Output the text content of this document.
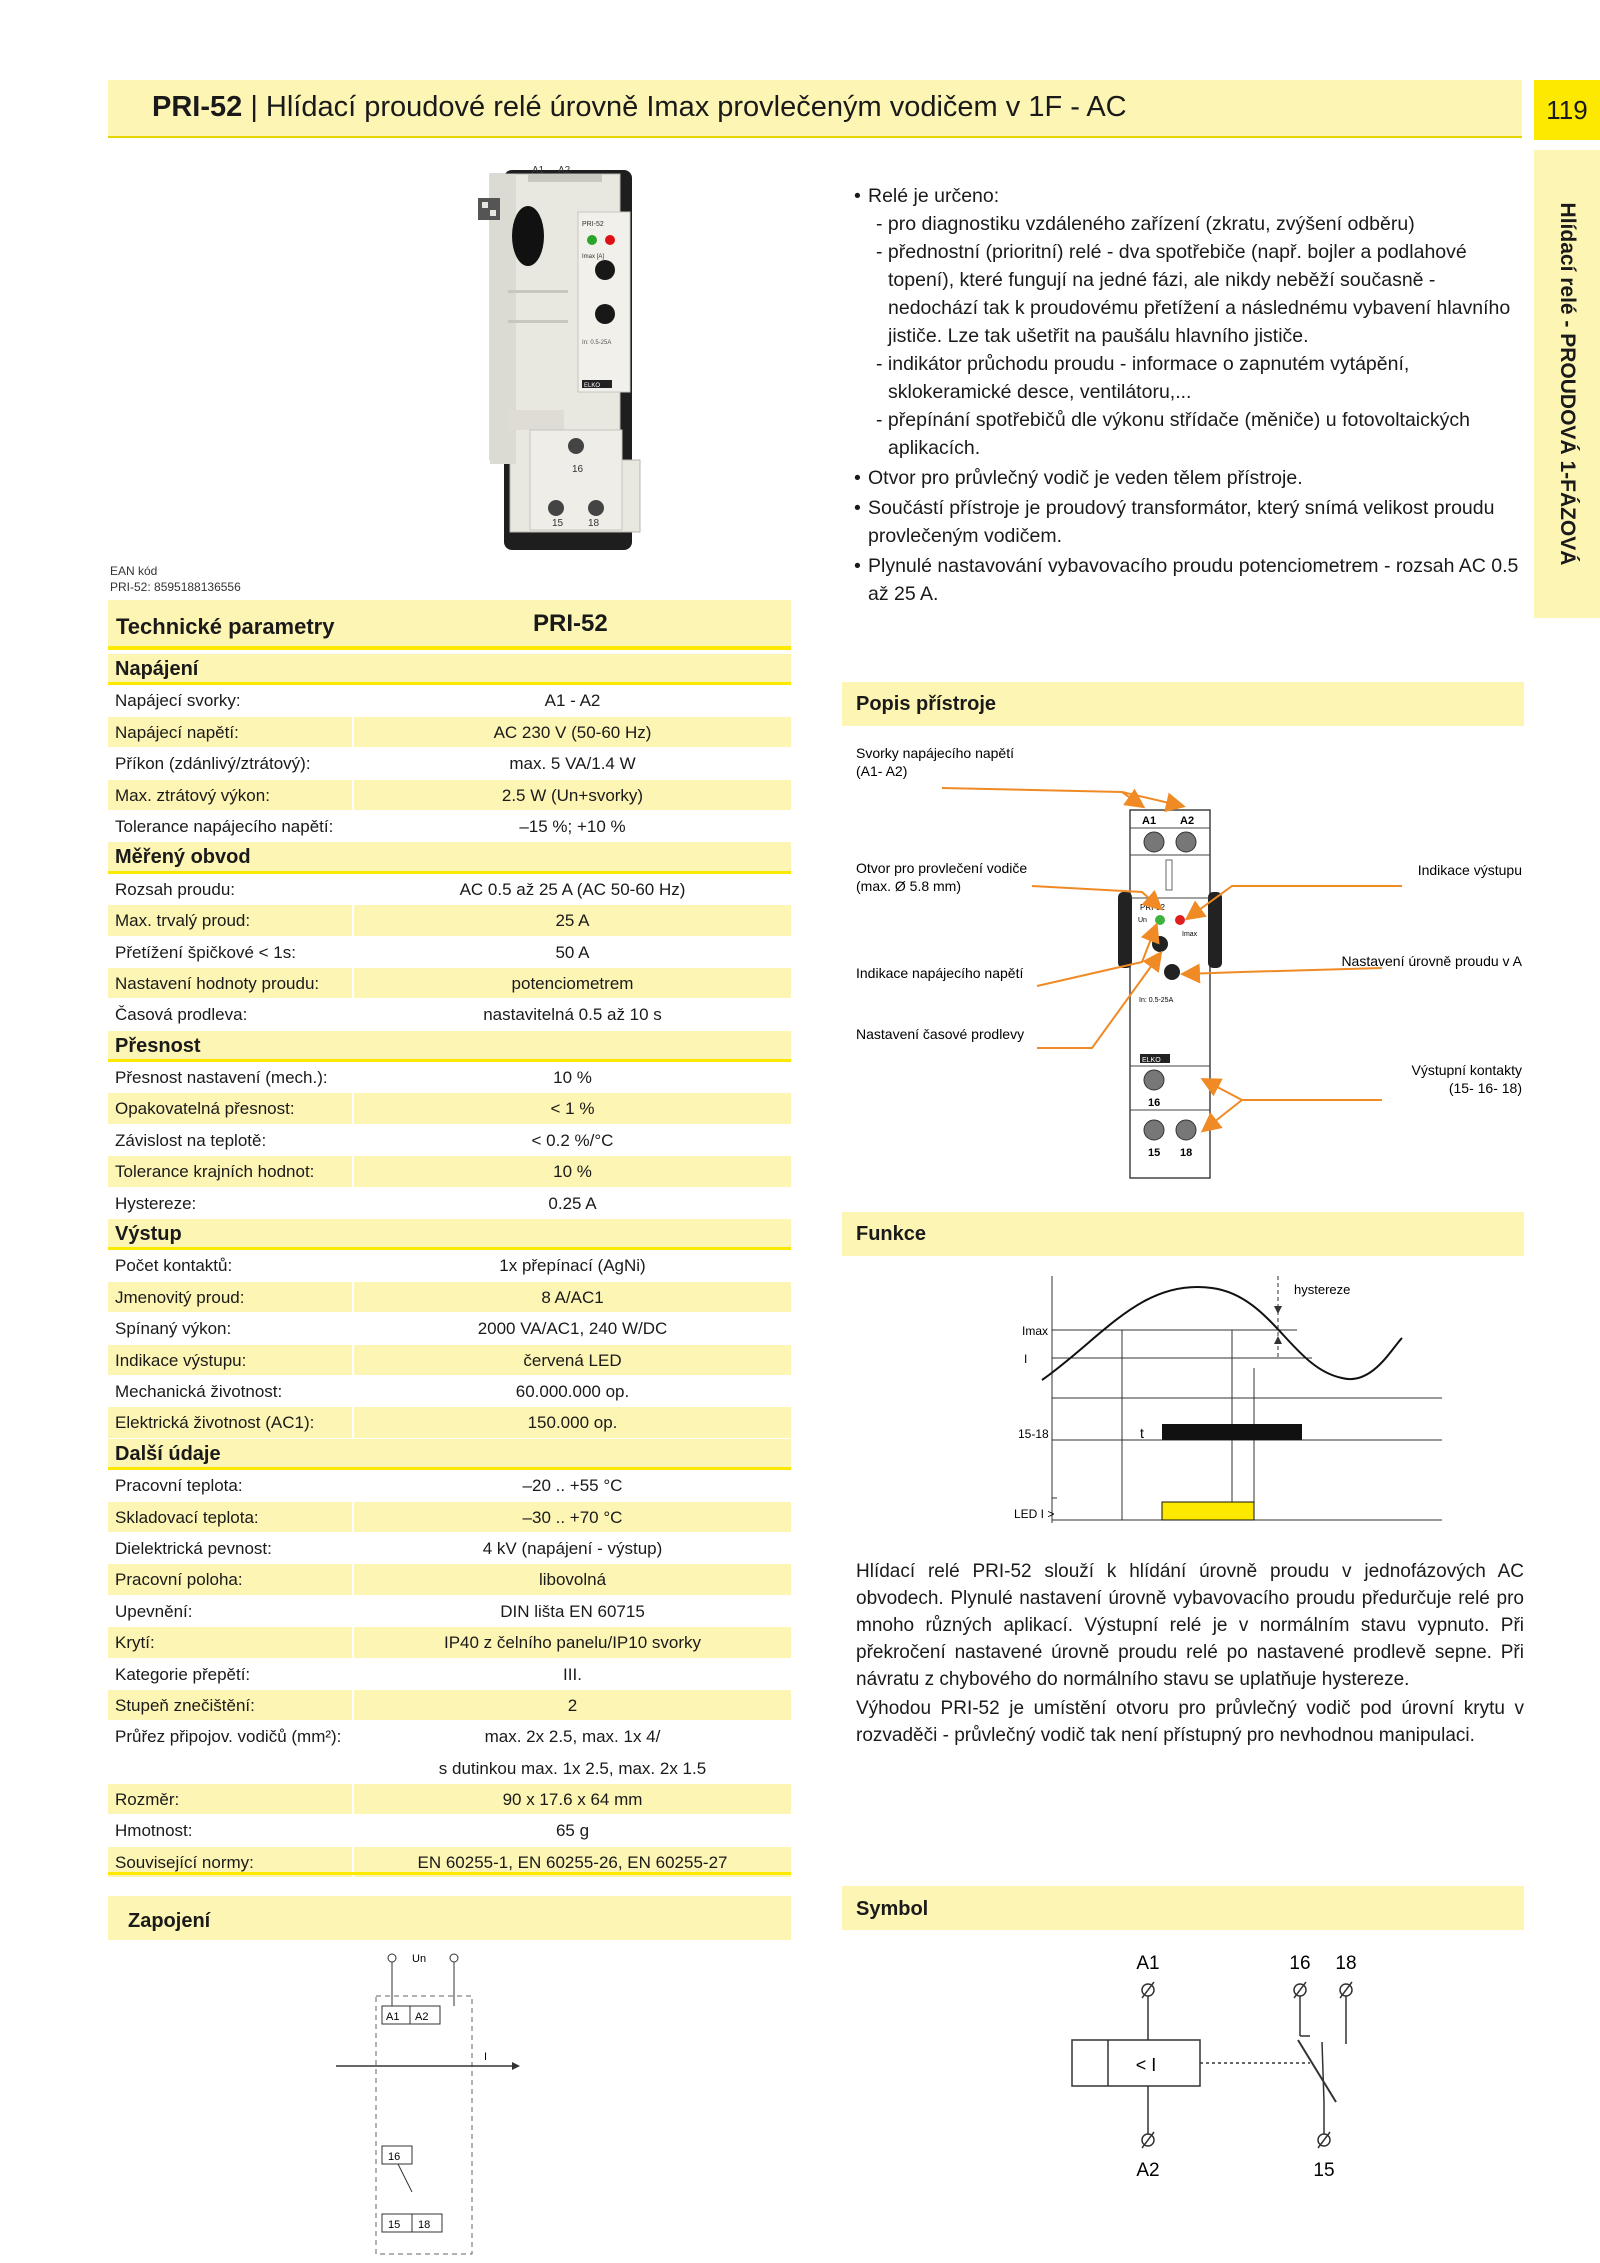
PRI-52 | Hlídací proudové relé úrovně Imax provlečeným vodičem v 1F - AC	119
Hlídací relé - PROUDOVÁ 1-FÁZOVÁ
A1 A2
PRI-52
Imax [A]
In: 0.5-25A
ELKO
16
15 18
EAN kód
PRI-52: 8595188136556
• Relé je určeno:
- pro diagnostiku vzdáleného zařízení (zkratu, zvýšení odběru)
- přednostní (prioritní) relé - dva spotřebiče (např. bojler a podlahové topení), které fungují na jedné fázi, ale nikdy neběží současně - nedochází tak k proudovému přetížení a následnému vybavení hlavního jističe. Lze tak ušetřit na paušálu hlavního jističe.
- indikátor průchodu proudu - informace o zapnutém vytápění, sklokeramické desce, ventilátoru,...
- přepínání spotřebičů dle výkonu střídače (měniče) u fotovoltaických aplikacích.
• Otvor pro průvlečný vodič je veden tělem přístroje.
• Součástí přístroje je proudový transformátor, který snímá velikost proudu provlečeným vodičem.
• Plynulé nastavování vybavovacího proudu potenciometrem - rozsah AC 0.5 až 25 A.
Technické parametry	PRI-52
Napájení
Napájecí svorky:	A1 - A2
Napájecí napětí:	AC 230 V (50-60 Hz)
Příkon (zdánlivý/ztrátový):	max. 5 VA/1.4 W
Max. ztrátový výkon:	2.5 W (Un+svorky)
Tolerance napájecího napětí:	–15 %; +10 %
Měřený obvod
Rozsah proudu:	AC 0.5 až 25 A (AC 50-60 Hz)
Max. trvalý proud:	25 A
Přetížení špičkové < 1s:	50 A
Nastavení hodnoty proudu:	potenciometrem
Časová prodleva:	nastavitelná 0.5 až 10 s
Přesnost
Přesnost nastavení (mech.):	10 %
Opakovatelná přesnost:	< 1 %
Závislost na teplotě:	< 0.2 %/°C
Tolerance krajních hodnot:	10 %
Hystereze:	0.25 A
Výstup
Počet kontaktů:	1x přepínací (AgNi)
Jmenovitý proud:	8 A/AC1
Spínaný výkon:	2000 VA/AC1, 240 W/DC
Indikace výstupu:	červená LED
Mechanická životnost:	60.000.000 op.
Elektrická životnost (AC1):	150.000 op.
Další údaje
Pracovní teplota:	–20 .. +55 °C
Skladovací teplota:	–30 .. +70 °C
Dielektrická pevnost:	4 kV (napájení - výstup)
Pracovní poloha:	libovolná
Upevnění:	DIN lišta EN 60715
Krytí:	IP40 z čelního panelu/IP10 svorky
Kategorie přepětí:	III.
Stupeň znečištění:	2
Průřez připojov. vodičů (mm²):	max. 2x 2.5, max. 1x 4/
s dutinkou max. 1x 2.5, max. 2x 1.5
Rozměr:	90 x 17.6 x 64 mm
Hmotnost:	65 g
Související normy:	EN 60255-1, EN 60255-26, EN 60255-27
Popis přístroje
Svorky napájecího napětí
(A1- A2)
Otvor pro provlečení vodiče
(max. Ø 5.8 mm)
Indikace napájecího napětí
Nastavení časové prodlevy
Indikace výstupu
Nastavení úrovně proudu v A
Výstupní kontakty
(15- 16- 18)
A1 A2
PRI-52
Un
Imax
In: 0.5-25A
ELKO
16
15 18
Funkce
Imax
I
15-18
LED I >
hystereze
t

Hlídací relé PRI-52 slouží k hlídání úrovně proudu v jednofázových AC obvodech. Plynulé nastavení úrovně vybavovacího proudu předurčuje relé pro mnoho různých aplikací. Výstupní relé je v normálním stavu vypnuto. Při překročení nastavené úrovně proudu relé po nastavené prodlevě sepne. Při návratu z chybového do normálního stavu se uplatňuje hystereze.

Výhodou PRI-52 je umístění otvoru pro průvlečný vodič pod úrovní krytu v rozvaděči - průvlečný vodič tak není přístupný pro nevhodnou manipulaci.

Zapojení
Un
A1 A2
I
16
15 18
Symbol
A1	16 18
< I
A2	15
